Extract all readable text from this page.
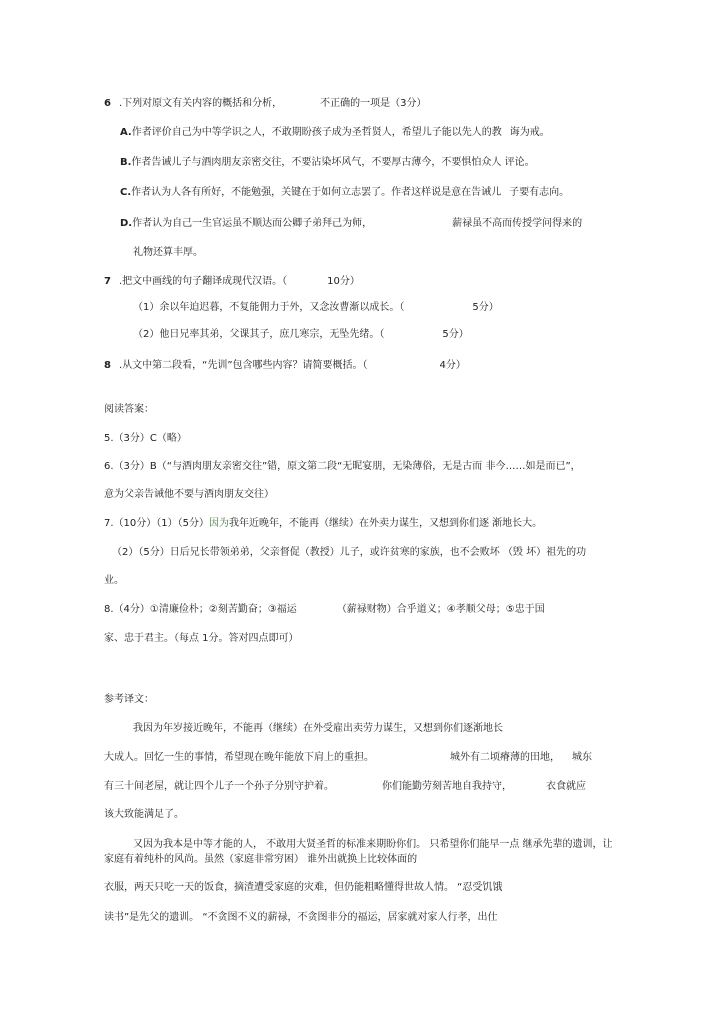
6 .下列对原文有关内容的概括和分析，	不正确的一项是（3分）
A.作者评价自己为中等学识之人，不敢期盼孩子成为圣哲贤人，希望儿子能以先人的教 诲为戒。
B.作者告诫儿子与酒肉朋友亲密交往，不要沾染坏风气，不要厚古薄今，不要惧怕众人 评论。
C.作者认为人各有所好，不能勉强，关键在于如何立志罢了。作者这样说是意在告诫儿 子要有志向。
D.作者认为自己一生官运虽不顺达而公卿子弟拜己为师，	薪禄虽不高而传授学问得来的
礼物还算丰厚。
7 .把文中画线的句子翻译成现代汉语。（	10分）
（1）余以年迫迟暮，不复能佣力于外，又念汝曹渐以成长。（	5分）
（2）他日兄率其弟，父课其子，庶几寒宗，无坠先绪。（	5分）
8 .从文中第二段看，“先训”包含哪些内容？请简要概括。（	4分）
阅读答案：
5.（3分）C（略）
6.（3分）B（“与酒肉朋友亲密交往”错，原文第二段“无昵宴朋，无染薄俗，无是古而 非今……如是而已”，
意为父亲告诫他不要与酒肉朋友交往）
7.（10分）（1）（5分）因为我年近晚年，不能再（继续）在外卖力谋生，又想到你们逐 渐地长大。
（2）（5分）日后兄长带领弟弟，父亲督促（教授）儿子，或许贫寒的家族，也不会败坏 （毁 坏）祖先的功
业。
8.（4分）①清廉俭朴；②刻苦勤奋；③福运	（薪禄财物）合乎道义；④孝顺父母；⑤忠于国
家、忠于君主。（每点 1分。答对四点即可）
参考译文：
我因为年岁接近晚年，不能再（继续）在外受雇出卖劳力谋生，又想到你们逐渐地长
大成人。回忆一生的事情，希望现在晚年能放下肩上的重担。	城外有二顷瘠薄的田地， 城东
有三十间老屋，就让四个儿子一个孙子分别守护着。	你们能勤劳刻苦地自我持守，	衣食就应
该大致能满足了。
又因为我本是中等才能的人， 不敢用大贤圣哲的标准来期盼你们。 只希望你们能早一点 继承先辈的遗训，让
家庭有着纯朴的风尚。虽然（家庭非常穷困） 谁外出就换上比较体面的
衣服，两天只吃一天的饭食，摘渣遭受家庭的灾难，但仍能粗略懂得世故人情。 “忍受饥饿
读书”是先父的遗训。 “不贪图不义的薪禄，不贪图非分的福运，居家就对家人行孝，出仕
